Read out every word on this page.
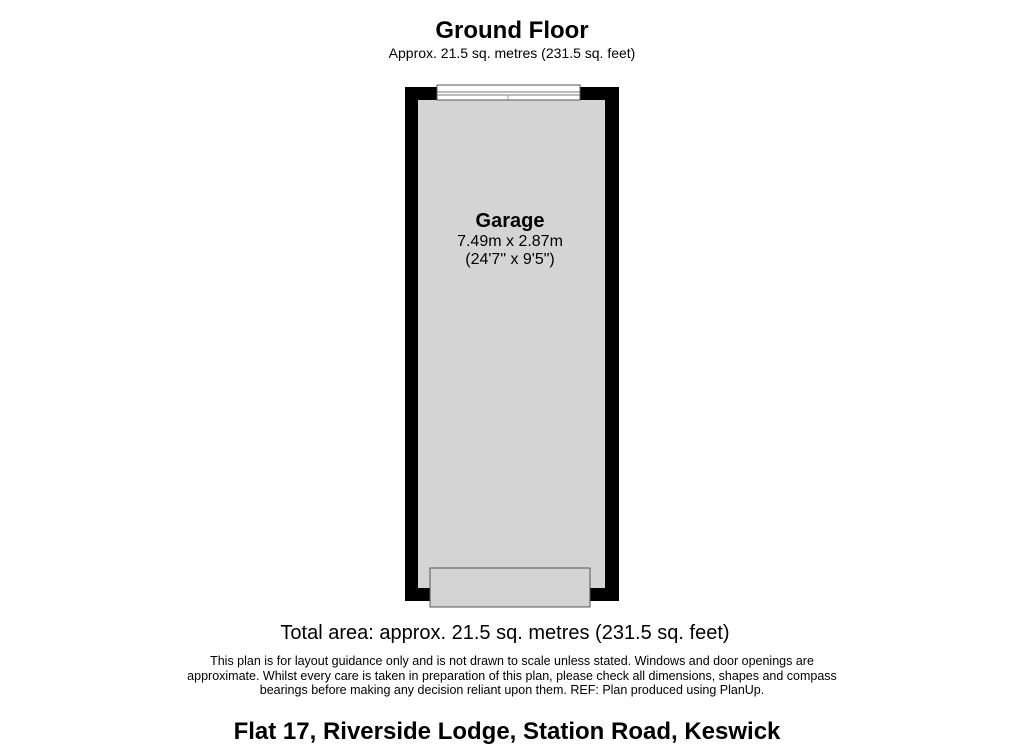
Ground Floor
Approx. 21.5 sq. metres (231.5 sq. feet)
Garage
7.49m x 2.87m
(24'7" x 9'5")
Total area: approx. 21.5 sq. metres (231.5 sq. feet)
This plan is for layout guidance only and is not drawn to scale unless stated. Windows and door openings are approximate. Whilst every care is taken in preparation of this plan, please check all dimensions, shapes and compass bearings before making any decision reliant upon them. REF: Plan produced using PlanUp.
Flat 17, Riverside Lodge, Station Road, Keswick
